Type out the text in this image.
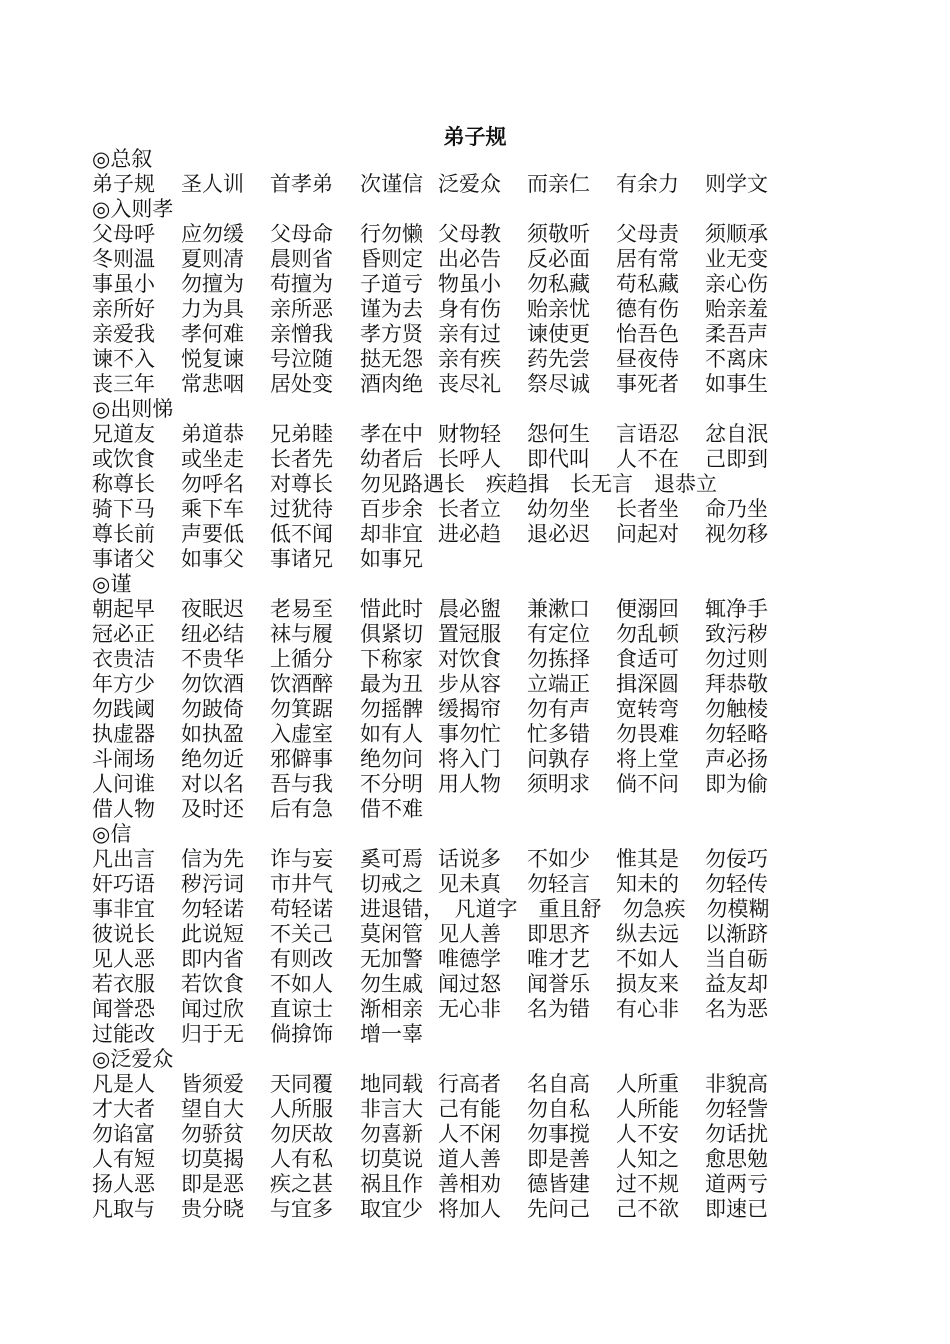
弟子规
◎总叙
弟子规 圣人训 首孝弟 次谨信 泛爱众 而亲仁 有余力 则学文
◎入则孝
父母呼 应勿缓 父母命 行勿懒 父母教 须敬听 父母责 须顺承
冬则温 夏则凊 晨则省 昏则定 出必告 反必面 居有常 业无变
事虽小 勿擅为 苟擅为 子道亏 物虽小 勿私藏 苟私藏 亲心伤
亲所好 力为具 亲所恶 谨为去 身有伤 贻亲忧 德有伤 贻亲羞
亲爱我 孝何难 亲憎我 孝方贤 亲有过 谏使更 怡吾色 柔吾声
谏不入 悦复谏 号泣随 挞无怨 亲有疾 药先尝 昼夜侍 不离床
丧三年 常悲咽 居处变 酒肉绝 丧尽礼 祭尽诚 事死者 如事生
◎出则悌
兄道友 弟道恭 兄弟睦 孝在中 财物轻 怨何生 言语忍 忿自泯
或饮食 或坐走 长者先 幼者后 长呼人 即代叫 人不在 己即到
称尊长 勿呼名 对尊长 勿见路遇长　疾趋揖　长无言　退恭立
骑下马 乘下车 过犹待 百步余 长者立 幼勿坐 长者坐 命乃坐
尊长前 声要低 低不闻 却非宜 进必趋 退必迟 问起对 视勿移
事诸父 如事父 事诸兄 如事兄
◎谨
朝起早 夜眠迟 老易至 惜此时 晨必盥 兼漱口 便溺回 辄净手
冠必正 纽必结 袜与履 俱紧切 置冠服 有定位 勿乱顿 致污秽
衣贵洁 不贵华 上循分 下称家 对饮食 勿拣择 食适可 勿过则
年方少 勿饮酒 饮酒醉 最为丑 步从容 立端正 揖深圆 拜恭敬
勿践阈 勿跛倚 勿箕踞 勿摇髀 缓揭帘 勿有声 宽转弯 勿触棱
执虚器 如执盈 入虚室 如有人 事勿忙 忙多错 勿畏难 勿轻略
斗闹场 绝勿近 邪僻事 绝勿问 将入门 问孰存 将上堂 声必扬
人问谁 对以名 吾与我 不分明 用人物 须明求 倘不问 即为偷
借人物 及时还 后有急 借不难
◎信
凡出言 信为先 诈与妄 奚可焉 话说多 不如少 惟其是 勿佞巧
奸巧语 秽污词 市井气 切戒之 见未真 勿轻言 知未的 勿轻传
事非宜 勿轻诺 苟轻诺 进退错，　凡道字　重且舒　勿急疾　勿模糊
彼说长 此说短 不关己 莫闲管 见人善 即思齐 纵去远 以渐跻
见人恶 即内省 有则改 无加警 唯德学 唯才艺 不如人 当自砺
若衣服 若饮食 不如人 勿生戚 闻过怒 闻誉乐 损友来 益友却
闻誉恐 闻过欣 直谅士 渐相亲 无心非 名为错 有心非 名为恶
过能改 归于无 倘揜饰 增一辜
◎泛爱众
凡是人 皆须爱 天同覆 地同载 行高者 名自高 人所重 非貌高
才大者 望自大 人所服 非言大 己有能 勿自私 人所能 勿轻訾
勿谄富 勿骄贫 勿厌故 勿喜新 人不闲 勿事搅 人不安 勿话扰
人有短 切莫揭 人有私 切莫说 道人善 即是善 人知之 愈思勉
扬人恶 即是恶 疾之甚 祸且作 善相劝 德皆建 过不规 道两亏
凡取与 贵分晓 与宜多 取宜少 将加人 先问己 己不欲 即速已
